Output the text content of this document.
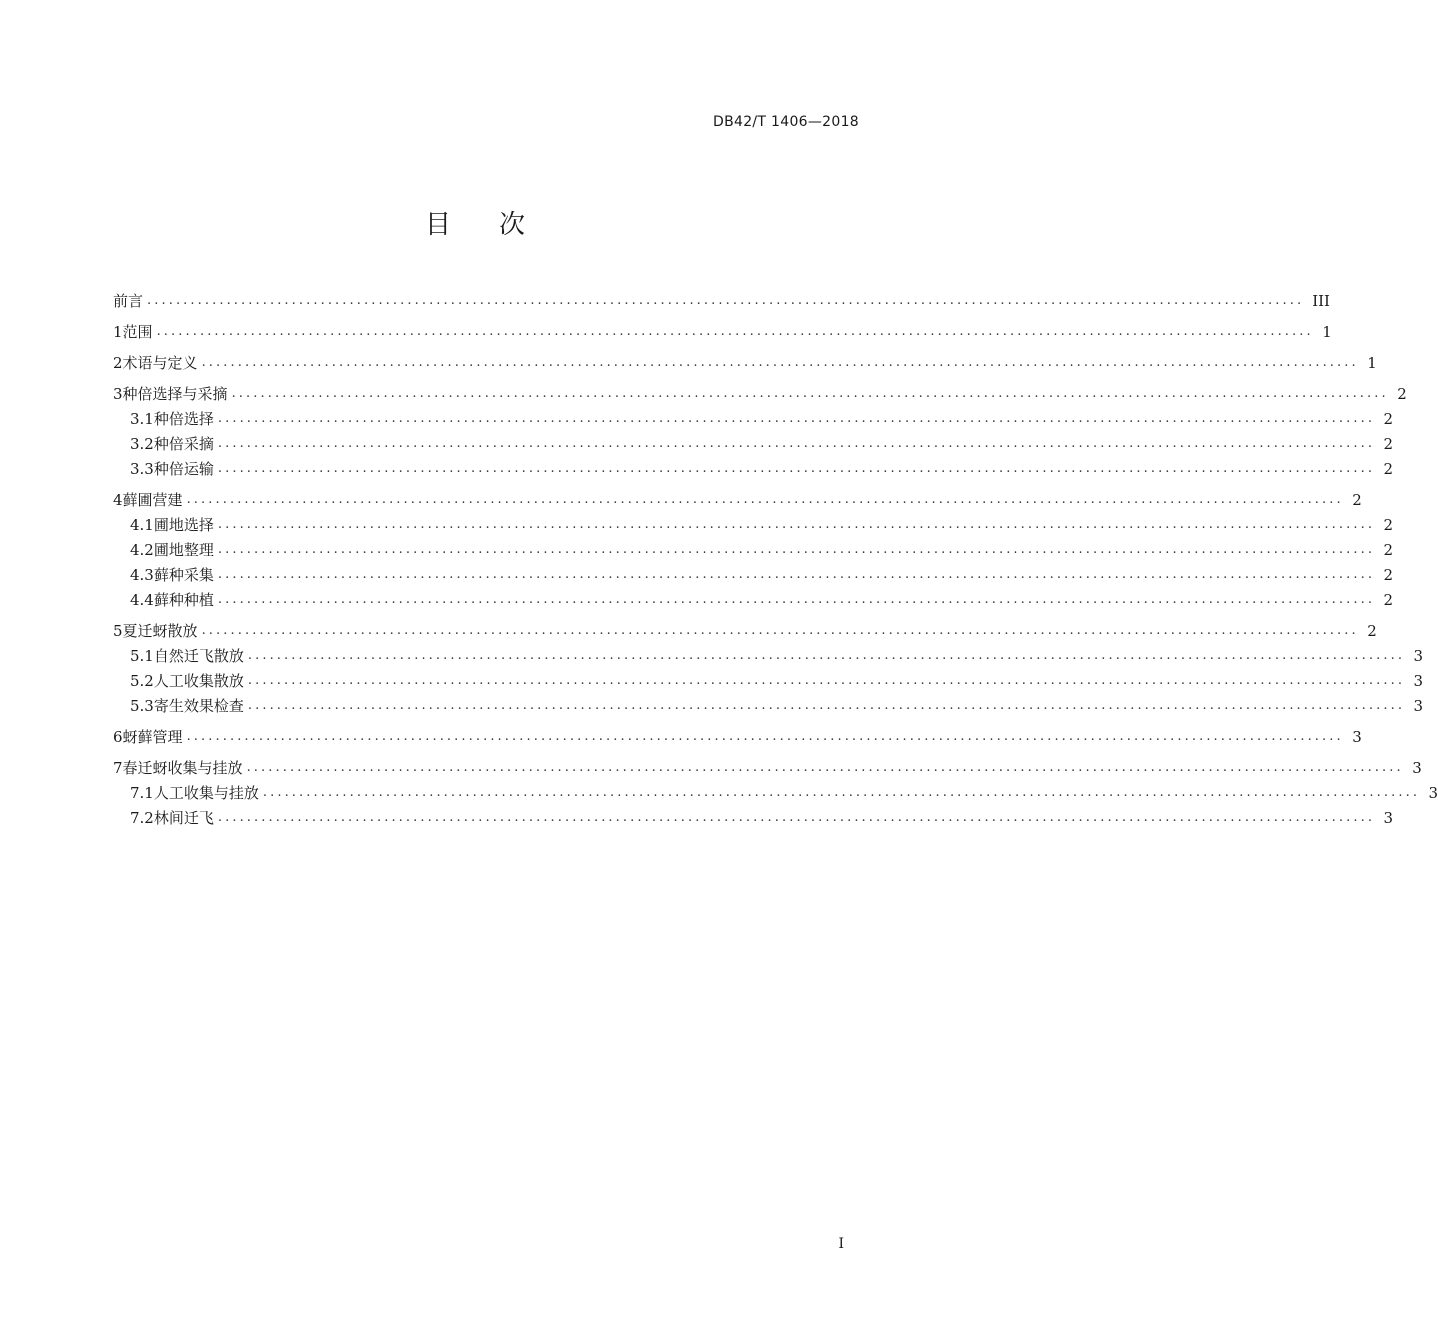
DB42/T 1406—2018
目次
前言 ................................................................................................................................................................ III
1 范围 ................................................................................................................................................................ 1
2 术语与定义 ................................................................................................................................................................ 1
3 种倍选择与采摘 ................................................................................................................................................................ 2
3.1 种倍选择 ................................................................................................................................................................ 2
3.2 种倍采摘 ................................................................................................................................................................ 2
3.3 种倍运输 ................................................................................................................................................................ 2
4 藓圃营建 ................................................................................................................................................................ 2
4.1 圃地选择 ................................................................................................................................................................ 2
4.2 圃地整理 ................................................................................................................................................................ 2
4.3 藓种采集 ................................................................................................................................................................ 2
4.4 藓种种植 ................................................................................................................................................................ 2
5 夏迁蚜散放 ................................................................................................................................................................ 2
5.1 自然迁飞散放 ................................................................................................................................................................ 3
5.2 人工收集散放 ................................................................................................................................................................ 3
5.3 寄生效果检查 ................................................................................................................................................................ 3
6 蚜藓管理 ................................................................................................................................................................ 3
7 春迁蚜收集与挂放 ................................................................................................................................................................ 3
7.1 人工收集与挂放 ................................................................................................................................................................ 3
7.2 林间迁飞 ................................................................................................................................................................ 3
I
